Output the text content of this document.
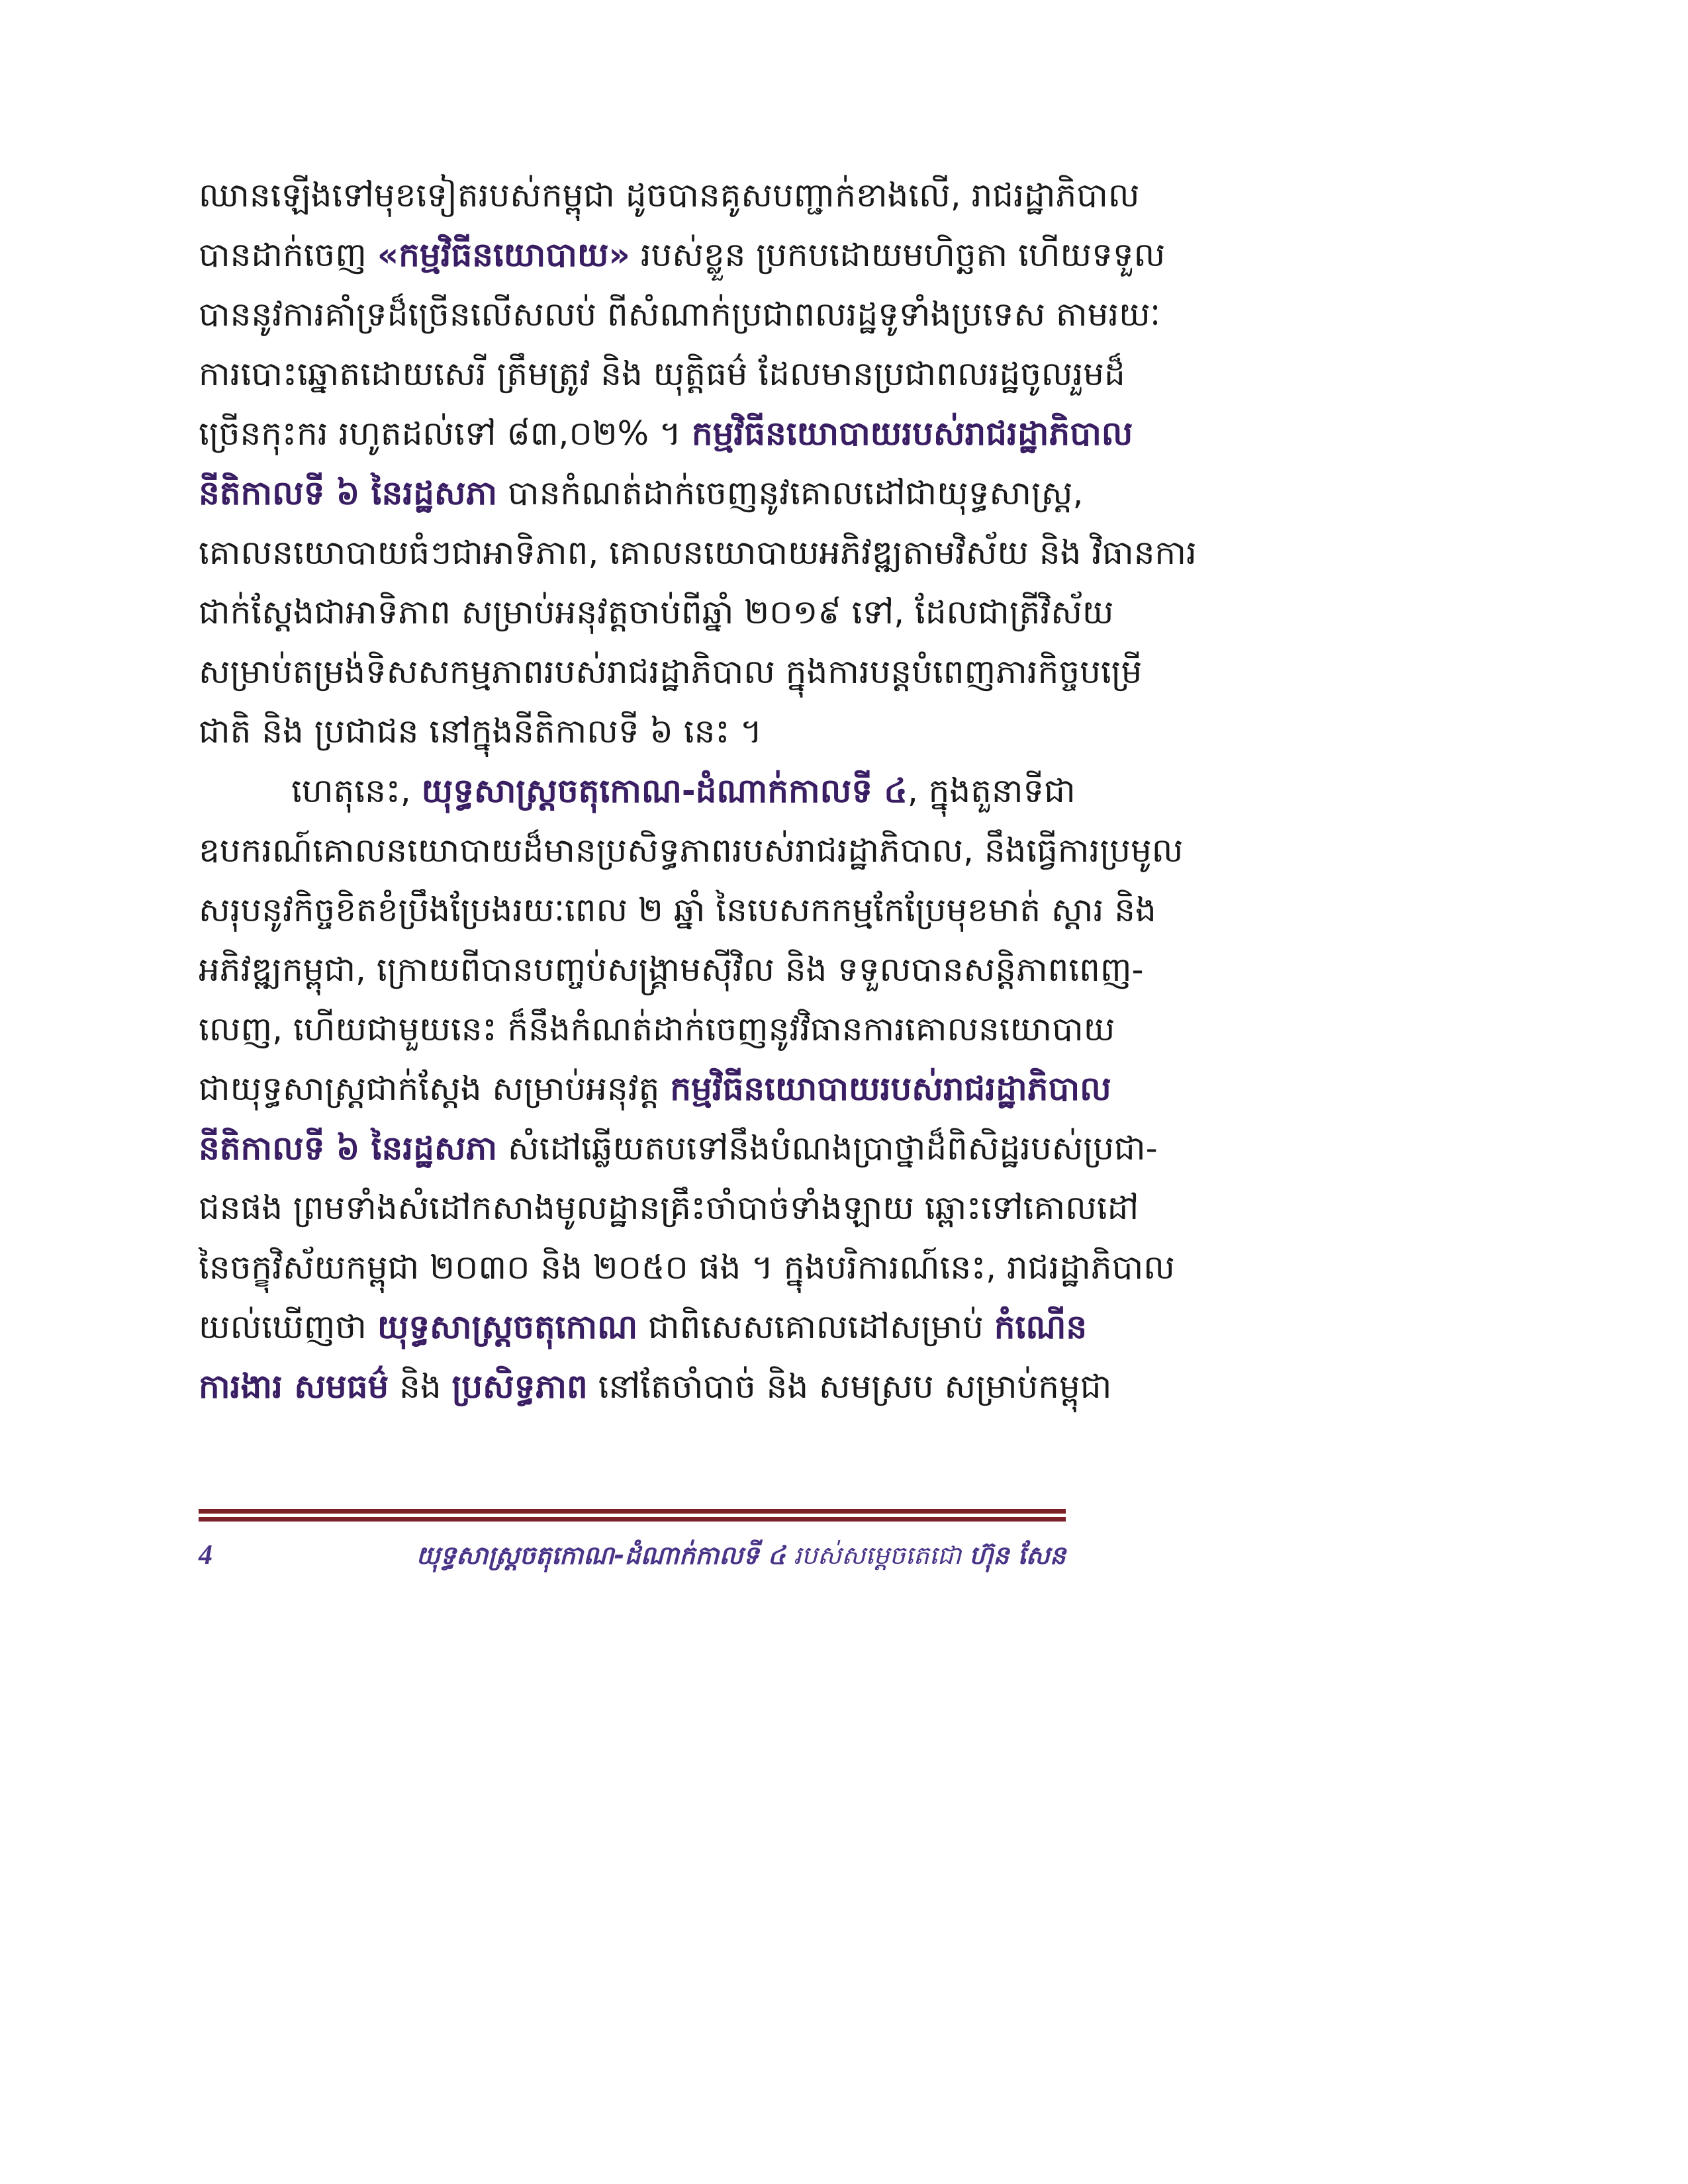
ឈានឡើងទៅមុខទៀតរបស់កម្ពុជា ដូចបានគូសបញ្ជាក់ខាងលើ, រាជរដ្ឋាភិបាល
បានដាក់ចេញ «កម្មវិធីនយោបាយ» របស់ខ្លួន ប្រកបដោយមហិច្ឆតា ហើយទទួល
បាននូវការគាំទ្រដ៏ច្រើនលើសលប់ ពីសំណាក់ប្រជាពលរដ្ឋទូទាំងប្រទេស តាមរយៈ
ការបោះឆ្នោតដោយសេរី ត្រឹមត្រូវ និង យុត្តិធម៌ ដែលមានប្រជាពលរដ្ឋចូលរួមដ៏
ច្រើនកុះករ រហូតដល់ទៅ ៨៣,០២% ។ កម្មវិធីនយោបាយរបស់រាជរដ្ឋាភិបាល
នីតិកាលទី ៦ នៃរដ្ឋសភា បានកំណត់ដាក់ចេញនូវគោលដៅជាយុទ្ធសាស្ត្រ,
គោលនយោបាយធំៗជាអាទិភាព, គោលនយោបាយអភិវឌ្ឍតាមវិស័យ និង វិធានការ
ជាក់ស្តែងជាអាទិភាព សម្រាប់អនុវត្តចាប់ពីឆ្នាំ ២០១៩ ទៅ, ដែលជាត្រីវិស័យ
សម្រាប់តម្រង់ទិសសកម្មភាពរបស់រាជរដ្ឋាភិបាល ក្នុងការបន្តបំពេញភារកិច្ចបម្រើ
ជាតិ និង ប្រជាជន នៅក្នុងនីតិកាលទី ៦ នេះ ។
ហេតុនេះ, យុទ្ធសាស្ត្រចតុកោណ-ដំណាក់កាលទី ៤, ក្នុងតួនាទីជា
ឧបករណ៍គោលនយោបាយដ៏មានប្រសិទ្ធភាពរបស់រាជរដ្ឋាភិបាល, នឹងធ្វើការប្រមូល
សរុបនូវកិច្ចខិតខំប្រឹងប្រែងរយៈពេល ២ ឆ្នាំ នៃបេសកកម្មកែប្រែមុខមាត់ ស្តារ និង
អភិវឌ្ឍកម្ពុជា, ក្រោយពីបានបញ្ចប់សង្គ្រាមស៊ីវិល និង ទទួលបានសន្តិភាពពេញ-
លេញ, ហើយជាមួយនេះ ក៏នឹងកំណត់ដាក់ចេញនូវវិធានការគោលនយោបាយ
ជាយុទ្ធសាស្ត្រជាក់ស្តែង សម្រាប់អនុវត្ត កម្មវិធីនយោបាយរបស់រាជរដ្ឋាភិបាល
នីតិកាលទី ៦ នៃរដ្ឋសភា សំដៅឆ្លើយតបទៅនឹងបំណងប្រាថ្នាដ៏ពិសិដ្ឋរបស់ប្រជា-
ជនផង ព្រមទាំងសំដៅកសាងមូលដ្ឋានគ្រឹះចាំបាច់ទាំងឡាយ ឆ្ពោះទៅគោលដៅ
នៃចក្ខុវិស័យកម្ពុជា ២០៣០ និង ២០៥០ ផង ។ ក្នុងបរិការណ៍នេះ, រាជរដ្ឋាភិបាល
យល់ឃើញថា យុទ្ធសាស្ត្រចតុកោណ ជាពិសេសគោលដៅសម្រាប់ កំណើន
ការងារ សមធម៌ និង ប្រសិទ្ធភាព នៅតែចាំបាច់ និង សមស្រប សម្រាប់កម្ពុជា
4	យុទ្ធសាស្ត្រចតុកោណ-ដំណាក់កាលទី ៤ របស់សម្តេចតេជោ ហ៊ុន សែន
